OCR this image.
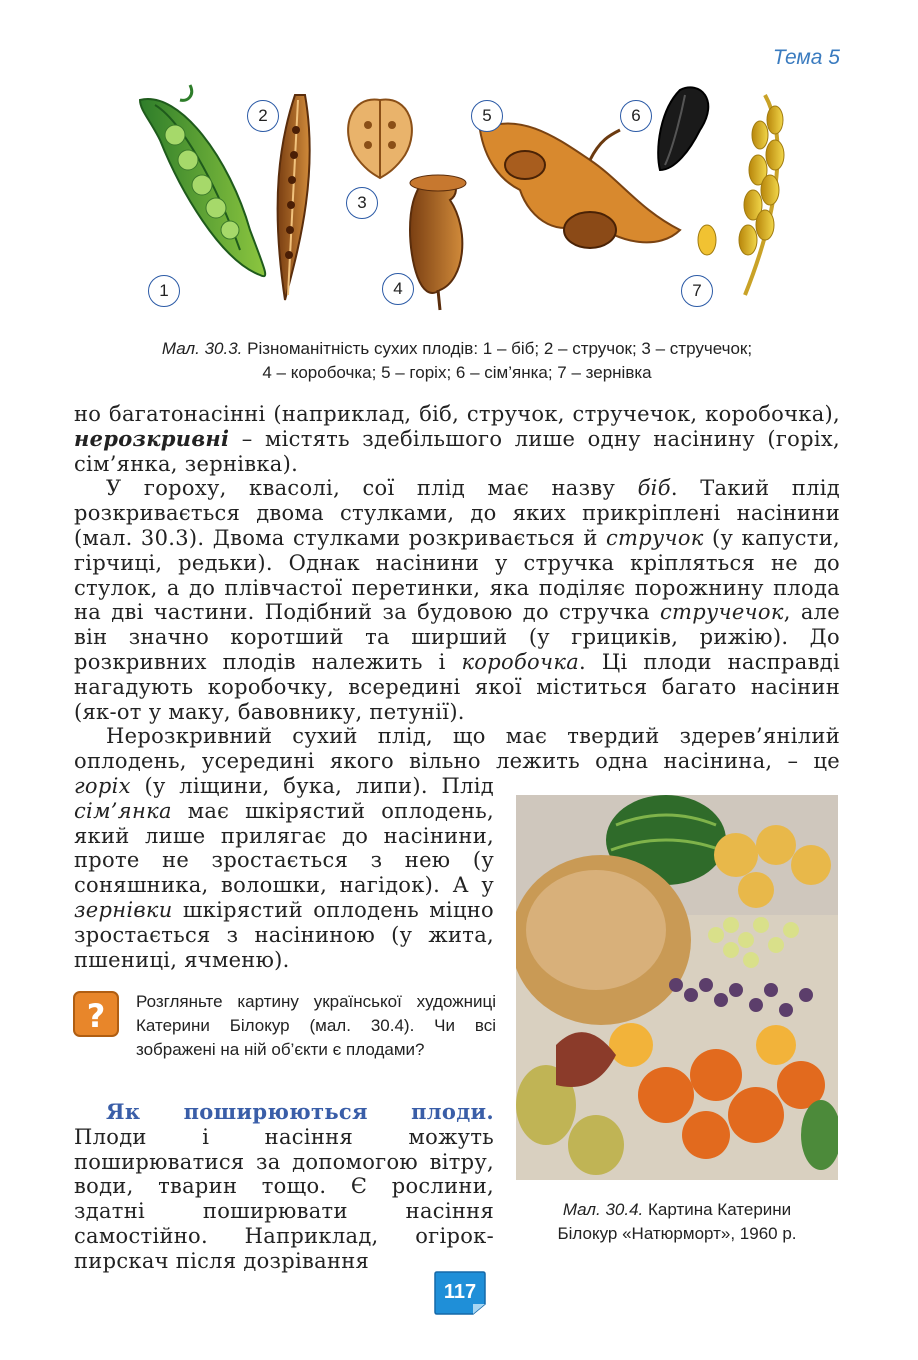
Тема 5
1
2
3
4
5	6
7
Мал. 30.3. Різноманітність сухих плодів: 1 – біб; 2 – стручок; 3 – стручечок;
4 – коробочка; 5 – горіх; 6 – сім’янка; 7 – зернівка

но багатонасінні (наприклад, біб, стручок, стручечок, коробочка), нерозкривні – містять здебільшого лише одну насінину (горіх, сім’янка, зернівка).

У гороху, квасолі, сої плід має назву біб. Такий плід розкривається двома стулками, до яких прикріплені насінини (мал. 30.3). Двома стулками розкривається й стручок (у капусти, гірчиці, редьки). Однак насінини у стручка кріпляться не до стулок, а до плівчастої перетинки, яка поділяє порожнину плода на дві частини. Подібний за будовою до стручка стручечок, але він значно коротший та ширший (у грициків, рижію). До розкривних плодів належить і коробочка. Ці плоди насправді нагадують коробочку, всередині якої міститься багато насінин (як-от у маку, бавовнику, петунії).

Нерозкривний сухий плід, що має твердий здерев’янілий оплодень, усередині якого вільно лежить одна насінина, – це

горіх (у ліщини, бука, липи). Плід сім’янка має шкірястий оплодень, який лише прилягає до насінини, проте не зростається з нею (у соняшника, волошки, нагідок). А у зернівки шкірястий оплодень міцно зростається з насіниною (у жита, пшениці, ячменю).

? Розгляньте картину української художниці Катерини Білокур (мал. 30.4). Чи всі зображені на ній об’єкти є плодами?

Як поширюються плоди. Плоди і насіння можуть поширюватися за допомогою вітру, води, тварин тощо. Є рослини, здатні поширювати насіння самостійно. Наприклад, огірок-пирскач після дозрівання

Мал. 30.4. Картина Катерини
Білокур «Натюрморт», 1960 р.
117
